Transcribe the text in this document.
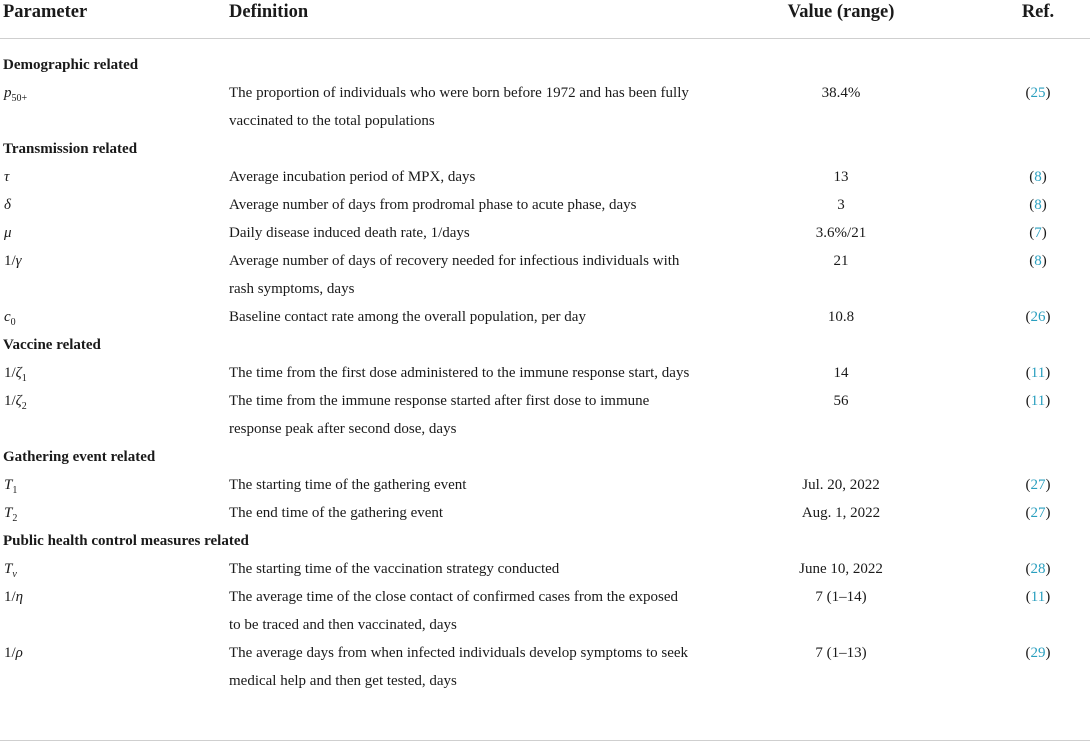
Parameter	Definition	Value (range)	Ref.
Demographic related			
$p_{50+}$	The proportion of individuals who were born before 1972 and has been fully vaccinated to the total populations	38.4%	(25)
Transmission related			
τ	Average incubation period of MPX, days	13	(8)
δ	Average number of days from prodromal phase to acute phase, days	3	(8)
μ	Daily disease induced death rate, 1/days	3.6%/21	(7)
1/γ	Average number of days of recovery needed for infectious individuals with rash symptoms, days	21	(8)
$c_0$	Baseline contact rate among the overall population, per day	10.8	(26)
Vaccine related			
$1/\zeta_1$	The time from the first dose administered to the immune response start, days	14	(11)
$1/\zeta_2$	The time from the immune response started after first dose to immune response peak after second dose, days	56	(11)
Gathering event related			
$T_1$	The starting time of the gathering event	Jul. 20, 2022	(27)
$T_2$	The end time of the gathering event	Aug. 1, 2022	(27)
Public health control measures related			
$T_v$	The starting time of the vaccination strategy conducted	June 10, 2022	(28)
1/η	The average time of the close contact of confirmed cases from the exposed to be traced and then vaccinated, days	7 (1–14)	(11)
1/ρ	The average days from when infected individuals develop symptoms to seek medical help and then get tested, days	7 (1–13)	(29)
